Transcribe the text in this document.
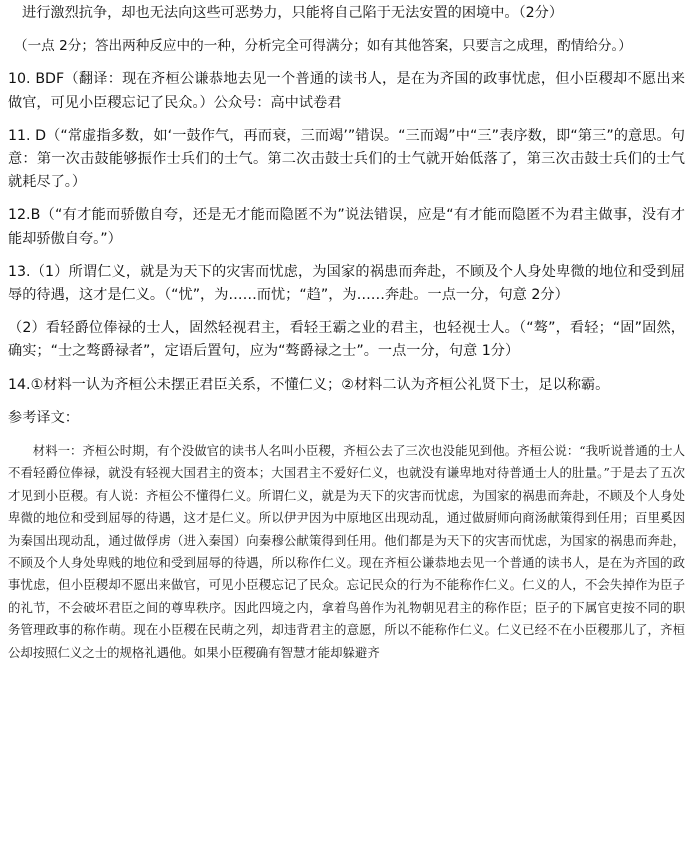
进行激烈抗争，却也无法向这些可恶势力，只能将自己陷于无法安置的困境中。（2分）

（一点 2分；答出两种反应中的一种，分析完全可得满分；如有其他答案，只要言之成理，酌情给分。）

10. BDF（翻译：现在齐桓公谦恭地去见一个普通的读书人，是在为齐国的政事忧虑，但小臣稷却不愿出来做官，可见小臣稷忘记了民众。）公众号：高中试卷君

11. D（“常虚指多数，如‘一鼓作气，再而衰，三而竭’”错误。“三而竭”中“三”表序数，即“第三”的意思。句意：第一次击鼓能够振作士兵们的士气。第二次击鼓士兵们的士气就开始低落了，第三次击鼓士兵们的士气就耗尽了。）

12.B（“有才能而骄傲自夸，还是无才能而隐匿不为”说法错误，应是“有才能而隐匿不为君主做事，没有才能却骄傲自夸。”）

13.（1）所谓仁义，就是为天下的灾害而忧虑，为国家的祸患而奔赴，不顾及个人身处卑微的地位和受到屈辱的待遇，这才是仁义。（“忧”，为……而忧；“趋”，为……奔赴。一点一分，句意 2分）

（2）看轻爵位俸禄的士人，固然轻视君主，看轻王霸之业的君主，也轻视士人。（“骜”，看轻；“固”固然，确实；“士之骜爵禄者”，定语后置句，应为“骜爵禄之士”。一点一分，句意 1分）

14.①材料一认为齐桓公未摆正君臣关系，不懂仁义；②材料二认为齐桓公礼贤下士，足以称霸。

参考译文：

材料一：齐桓公时期，有个没做官的读书人名叫小臣稷，齐桓公去了三次也没能见到他。齐桓公说：“我听说普通的士人不看轻爵位俸禄，就没有轻视大国君主的资本；大国君主不爱好仁义，也就没有谦卑地对待普通士人的肚量。”于是去了五次才见到小臣稷。有人说：齐桓公不懂得仁义。所谓仁义，就是为天下的灾害而忧虑，为国家的祸患而奔赴，不顾及个人身处卑微的地位和受到屈辱的待遇，这才是仁义。所以伊尹因为中原地区出现动乱，通过做厨师向商汤献策得到任用；百里奚因为秦国出现动乱，通过做俘虏（进入秦国）向秦穆公献策得到任用。他们都是为天下的灾害而忧虑，为国家的祸患而奔赴，不顾及个人身处卑贱的地位和受到屈辱的待遇，所以称作仁义。现在齐桓公谦恭地去见一个普通的读书人，是在为齐国的政事忧虑，但小臣稷却不愿出来做官，可见小臣稷忘记了民众。忘记民众的行为不能称作仁义。仁义的人，不会失掉作为臣子的礼节，不会破坏君臣之间的尊卑秩序。因此四境之内，拿着鸟兽作为礼物朝见君主的称作臣；臣子的下属官吏按不同的职务管理政事的称作萌。现在小臣稷在民萌之列，却违背君主的意愿，所以不能称作仁义。仁义已经不在小臣稷那儿了，齐桓公却按照仁义之士的规格礼遇他。如果小臣稷确有智慧才能却躲避齐
